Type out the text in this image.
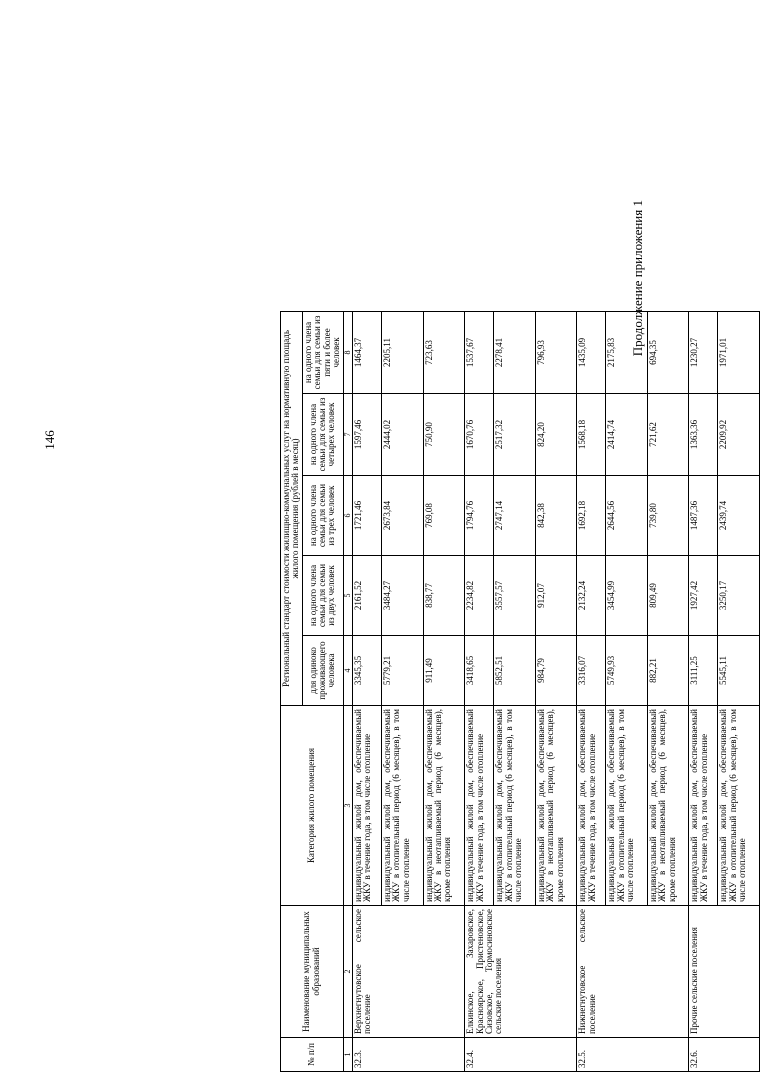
146
Продолжение приложения 1
№ п/п	Наименование муниципальных образований	Категория жилого помещения	Региональный стандарт стоимости жилищно-коммунальных услуг на нормативную площадь жилого помещения (рублей в месяц)				
			для одиноко проживающего человека	на одного члена семьи для семьи из двух человек	на одного члена семьи для семьи из трех человек	на одного члена семьи для семьи из четырех человек	на одного члена семьи для семьи из пяти и более человек
1	2	3	4	5	6	7	8
32.3.	Верхнегнутовское сельское поселение	индивидуальный жилой дом, обеспечиваемый ЖКУ в течение года, в том числе отопление	3345,35	2161,52	1721,46	1597,46	1464,37
		индивидуальный жилой дом, обеспечиваемый ЖКУ в отопительный период (6 месяцев), в том числе отопление	5779,21	3484,27	2673,84	2444,02	2205,11
		индивидуальный жилой дом, обеспечиваемый ЖКУ в неотапливаемый период (6 месяцев), кроме отопления	911,49	838,77	769,08	750,90	723,63
32.4.	Елкинское, Захаровское, Красноярское, Пристеновское, Сизовское, Тормосиновское сельские поселения	индивидуальный жилой дом, обеспечиваемый ЖКУ в течение года, в том числе отопление	3418,65	2234,82	1794,76	1670,76	1537,67
		индивидуальный жилой дом, обеспечиваемый ЖКУ в отопительный период (6 месяцев), в том числе отопление	5852,51	3557,57	2747,14	2517,32	2278,41
		индивидуальный жилой дом, обеспечиваемый ЖКУ в неотапливаемый период (6 месяцев), кроме отопления	984,79	912,07	842,38	824,20	796,93
32.5.	Нижнегнутовское сельское поселение	индивидуальный жилой дом, обеспечиваемый ЖКУ в течение года, в том числе отопление	3316,07	2132,24	1692,18	1568,18	1435,09
		индивидуальный жилой дом, обеспечиваемый ЖКУ в отопительный период (6 месяцев), в том числе отопление	5749,93	3454,99	2644,56	2414,74	2175,83
		индивидуальный жилой дом, обеспечиваемый ЖКУ в неотапливаемый период (6 месяцев), кроме отопления	882,21	809,49	739,80	721,62	694,35
32.6.	Прочие сельские поселения	индивидуальный жилой дом, обеспечиваемый ЖКУ в течение года, в том числе отопление	3111,25	1927,42	1487,36	1363,36	1230,27
		индивидуальный жилой дом, обеспечиваемый ЖКУ в отопительный период (6 месяцев), в том числе отопление	5545,11	3250,17	2439,74	2209,92	1971,01
